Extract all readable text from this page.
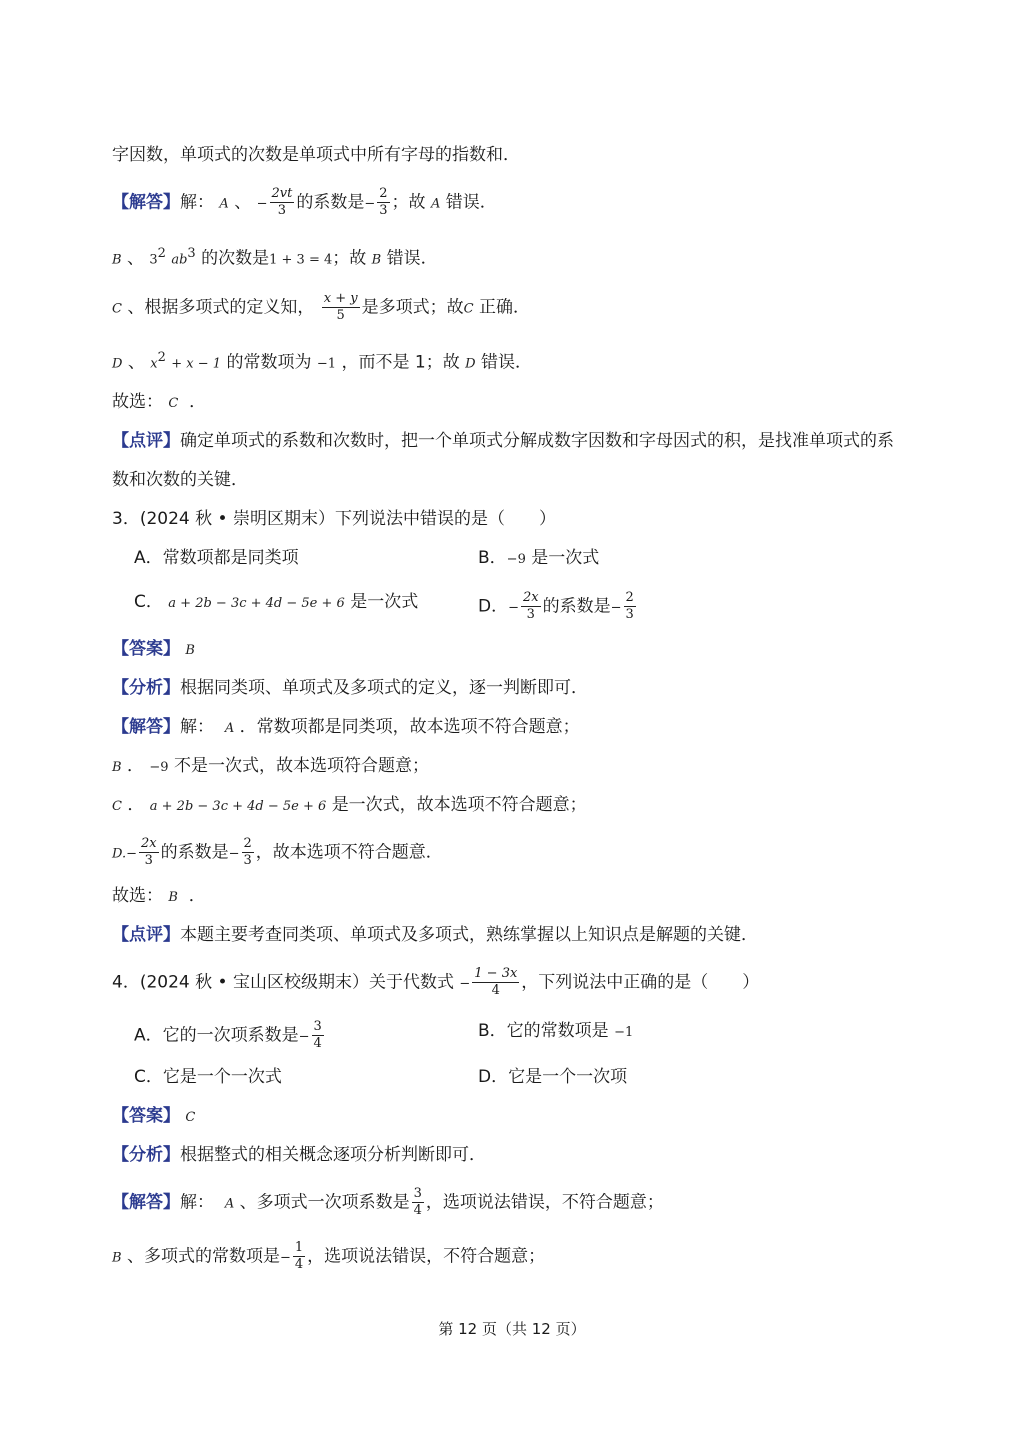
字因数，单项式的次数是单项式中所有字母的指数和．
【解答】解： A 、 − $\frac{2vt}{3}$ 的系数是− $\frac{2}{3}$ ；故 A 错误．
B 、 $3^2$ $ab^3$ 的次数是1 + 3 = 4；故 B 错误．
C 、根据多项式的定义知， $\frac{x + y}{5}$ 是多项式；故C 正确．
D 、 $x^2 + x - 1$ 的常数项为 −1 ，而不是 1；故 D 错误．
故选： C ．
【点评】确定单项式的系数和次数时，把一个单项式分解成数字因数和字母因式的积，是找准单项式的系
数和次数的关键．
3．(2024 秋 • 崇明区期末）下列说法中错误的是（　　）
A．常数项都是同类项	B．−9 是一次式
C． a + 2b − 3c + 4d − 5e + 6 是一次式	D．− $\frac{2x}{3}$ 的系数是− $\frac{2}{3}$
【答案】 B
【分析】根据同类项、单项式及多项式的定义，逐一判断即可．
【解答】解： A ．常数项都是同类项，故本选项不符合题意；
B ． −9 不是一次式，故本选项符合题意；
C ． a + 2b − 3c + 4d − 5e + 6 是一次式，故本选项不符合题意；
$D.- \frac{2x}{3}$ 的系数是− $\frac{2}{3}$ ，故本选项不符合题意．
故选： B ．
【点评】本题主要考查同类项、单项式及多项式，熟练掌握以上知识点是解题的关键．
4．(2024 秋 • 宝山区校级期末）关于代数式 − $\frac{1 - 3x}{4}$ ，下列说法中正确的是（　　）
A．它的一次项系数是− $\frac{3}{4}$	B．它的常数项是 −1
C．它是一个一次式	D．它是一个一次项
【答案】 C
【分析】根据整式的相关概念逐项分析判断即可．
【解答】解： A 、多项式一次项系数是 $\frac{3}{4}$ ，选项说法错误，不符合题意；
B 、多项式的常数项是− $\frac{1}{4}$ ，选项说法错误，不符合题意；
第 12 页（共 12 页）
